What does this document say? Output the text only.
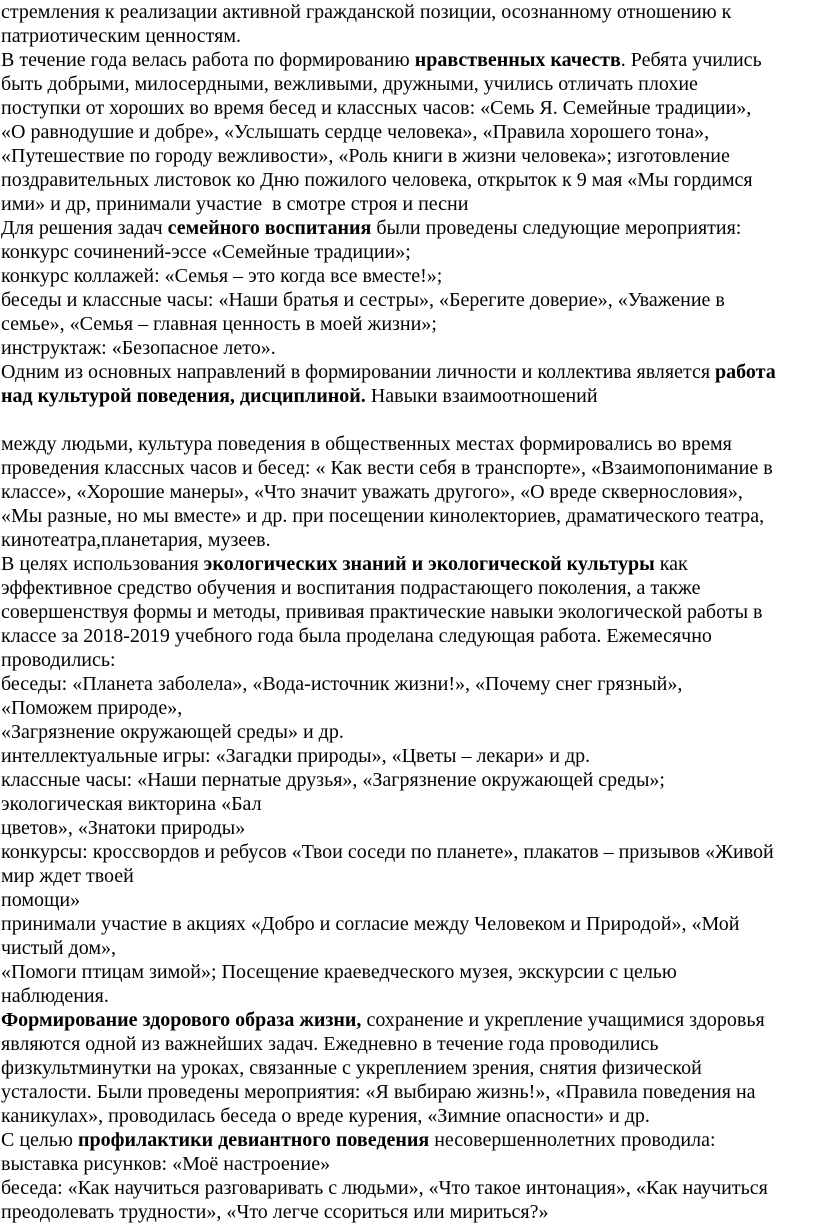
стремления к реализации активной гражданской позиции, осознанному отношению к
патриотическим ценностям.
В течение года велась работа по формированию нравственных качеств. Ребята учились
быть добрыми, милосердными, вежливыми, дружными, учились отличать плохие
поступки от хороших во время бесед и классных часов: «Семь Я. Семейные традиции»,
«О равнодушие и добре», «Услышать сердце человека», «Правила хорошего тона»,
«Путешествие по городу вежливости», «Роль книги в жизни человека»; изготовление
поздравительных листовок ко Дню пожилого человека, открыток к 9 мая «Мы гордимся
ими» и др, принимали участие  в смотре строя и песни
Для решения задач семейного воспитания были проведены следующие мероприятия:
конкурс сочинений-эссе «Семейные традиции»;
конкурс коллажей: «Семья – это когда все вместе!»;
беседы и классные часы: «Наши братья и сестры», «Берегите доверие», «Уважение в
семье», «Семья – главная ценность в моей жизни»;
инструктаж: «Безопасное лето».
Одним из основных направлений в формировании личности и коллектива является работа
над культурой поведения, дисциплиной. Навыки взаимоотношений
между людьми, культура поведения в общественных местах формировались во время
проведения классных часов и бесед: « Как вести себя в транспорте», «Взаимопонимание в
классе», «Хорошие манеры», «Что значит уважать другого», «О вреде сквернословия»,
«Мы разные, но мы вместе» и др. при посещении кинолекториев, драматического театра,
кинотеатра,планетария, музеев.
В целях использования экологических знаний и экологической культуры как
эффективное средство обучения и воспитания подрастающего поколения, а также
совершенствуя формы и методы, прививая практические навыки экологической работы в
классе за 2018-2019 учебного года была проделана следующая работа. Ежемесячно
проводились:
беседы: «Планета заболела», «Вода-источник жизни!», «Почему снег грязный»,
«Поможем природе»,
«Загрязнение окружающей среды» и др.
интеллектуальные игры: «Загадки природы», «Цветы – лекари» и др.
классные часы: «Наши пернатые друзья», «Загрязнение окружающей среды»;
экологическая викторина «Бал
цветов», «Знатоки природы»
конкурсы: кроссвордов и ребусов «Твои соседи по планете», плакатов – призывов «Живой
мир ждет твоей
помощи»
принимали участие в акциях «Добро и согласие между Человеком и Природой», «Мой
чистый дом»,
«Помоги птицам зимой»; Посещение краеведческого музея, экскурсии с целью
наблюдения.
Формирование здорового образа жизни, сохранение и укрепление учащимися здоровья
являются одной из важнейших задач. Ежедневно в течение года проводились
физкультминутки на уроках, связанные с укреплением зрения, снятия физической
усталости. Были проведены мероприятия: «Я выбираю жизнь!», «Правила поведения на
каникулах», проводилась беседа о вреде курения, «Зимние опасности» и др.
С целью профилактики девиантного поведения несовершеннолетних проводила:
выставка рисунков: «Моё настроение»
беседа: «Как научиться разговаривать с людьми», «Что такое интонация», «Как научиться
преодолевать трудности», «Что легче ссориться или мириться?»
